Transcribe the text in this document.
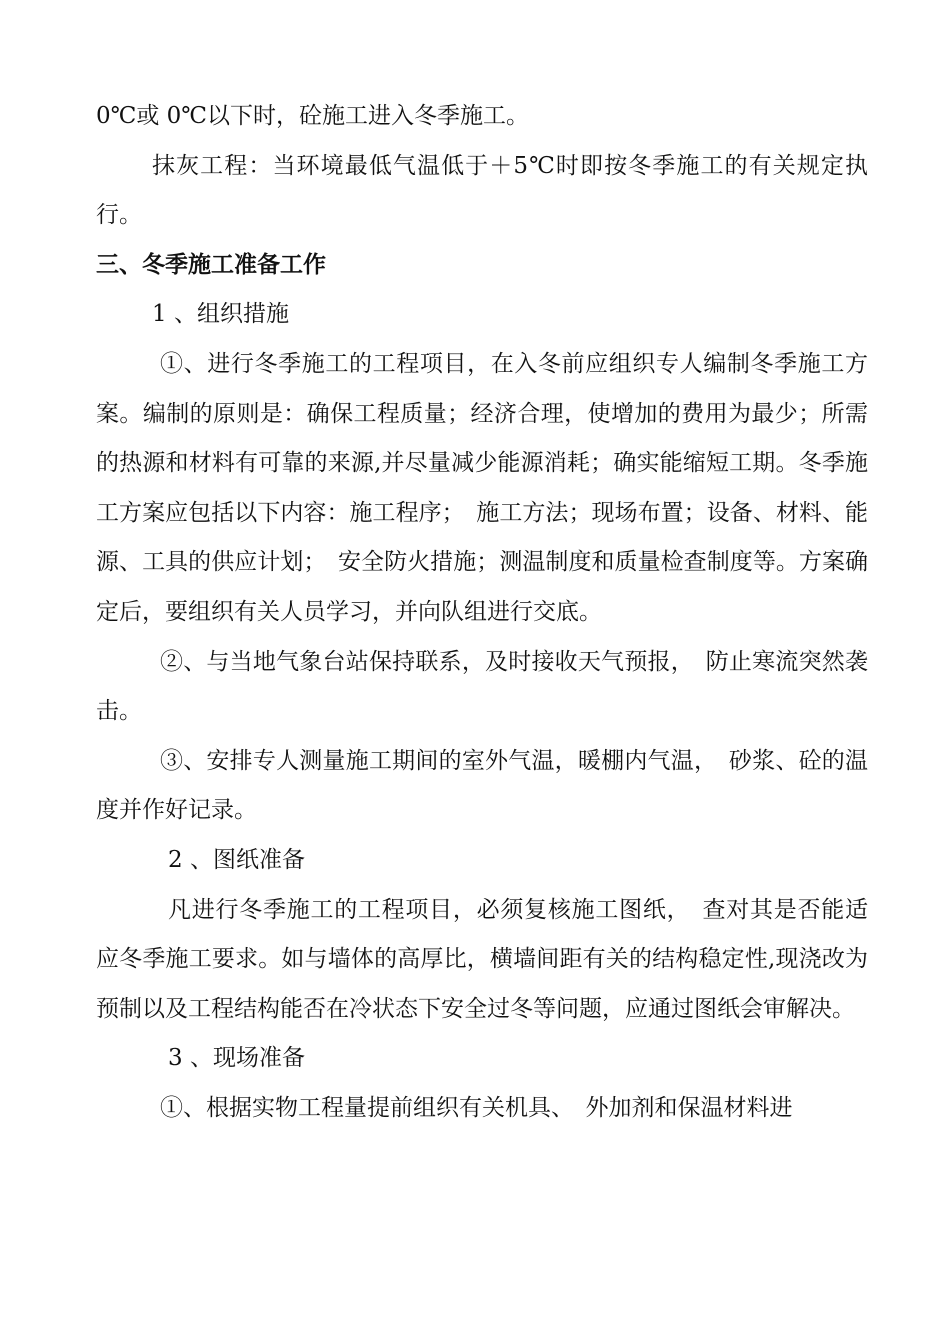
0℃或 0℃以下时，砼施工进入冬季施工。

抹灰工程：当环境最低气温低于＋5℃时即按冬季施工的有关规定执行。

三、冬季施工准备工作

1 、组织措施

①、进行冬季施工的工程项目，在入冬前应组织专人编制冬季施工方案。编制的原则是：确保工程质量；经济合理，使增加的费用为最少；所需的热源和材料有可靠的来源,并尽量减少能源消耗；确实能缩短工期。冬季施工方案应包括以下内容：施工程序；　施工方法；现场布置；设备、材料、能源、工具的供应计划；　安全防火措施；测温制度和质量检查制度等。方案确定后，要组织有关人员学习，并向队组进行交底。

②、与当地气象台站保持联系，及时接收天气预报，　防止寒流突然袭击。

③、安排专人测量施工期间的室外气温，暖棚内气温，　砂浆、砼的温度并作好记录。

2 、图纸准备

凡进行冬季施工的工程项目，必须复核施工图纸，　查对其是否能适应冬季施工要求。如与墙体的高厚比，横墙间距有关的结构稳定性,现浇改为预制以及工程结构能否在冷状态下安全过冬等问题，应通过图纸会审解决。

3 、现场准备

①、根据实物工程量提前组织有关机具、　外加剂和保温材料进
